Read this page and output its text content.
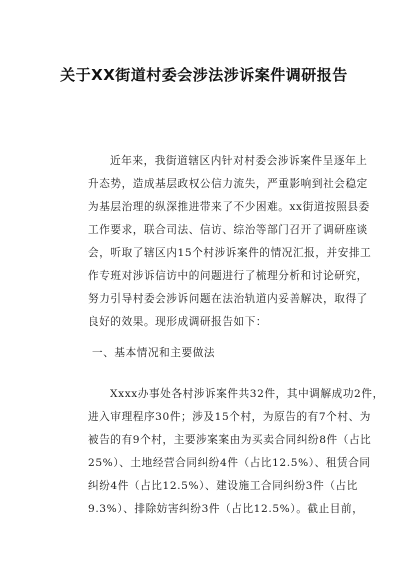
关于XX街道村委会涉法涉诉案件调研报告
近年来，我街道辖区内针对村委会涉诉案件呈逐年上
升态势，造成基层政权公信力流失，严重影响到社会稳定
为基层治理的纵深推进带来了不少困难。xx街道按照县委
工作要求，联合司法、信访、综治等部门召开了调研座谈
会，听取了辖区内15个村涉诉案件的情况汇报，并安排工
作专班对涉诉信访中的问题进行了梳理分析和讨论研究，
努力引导村委会涉诉问题在法治轨道内妥善解决，取得了
良好的效果。现形成调研报告如下：
一、基本情况和主要做法
Xxxx办事处各村涉诉案件共32件，其中调解成功2件，
进入审理程序30件；涉及15个村，为原告的有7个村、为
被告的有9个村，主要涉案案由为买卖合同纠纷8件（占比
25%）、土地经营合同纠纷4件（占比12.5%）、租赁合同
纠纷4件（占比12.5%）、建设施工合同纠纷3件（占比
9.3%）、排除妨害纠纷3件（占比12.5%）。截止目前，
